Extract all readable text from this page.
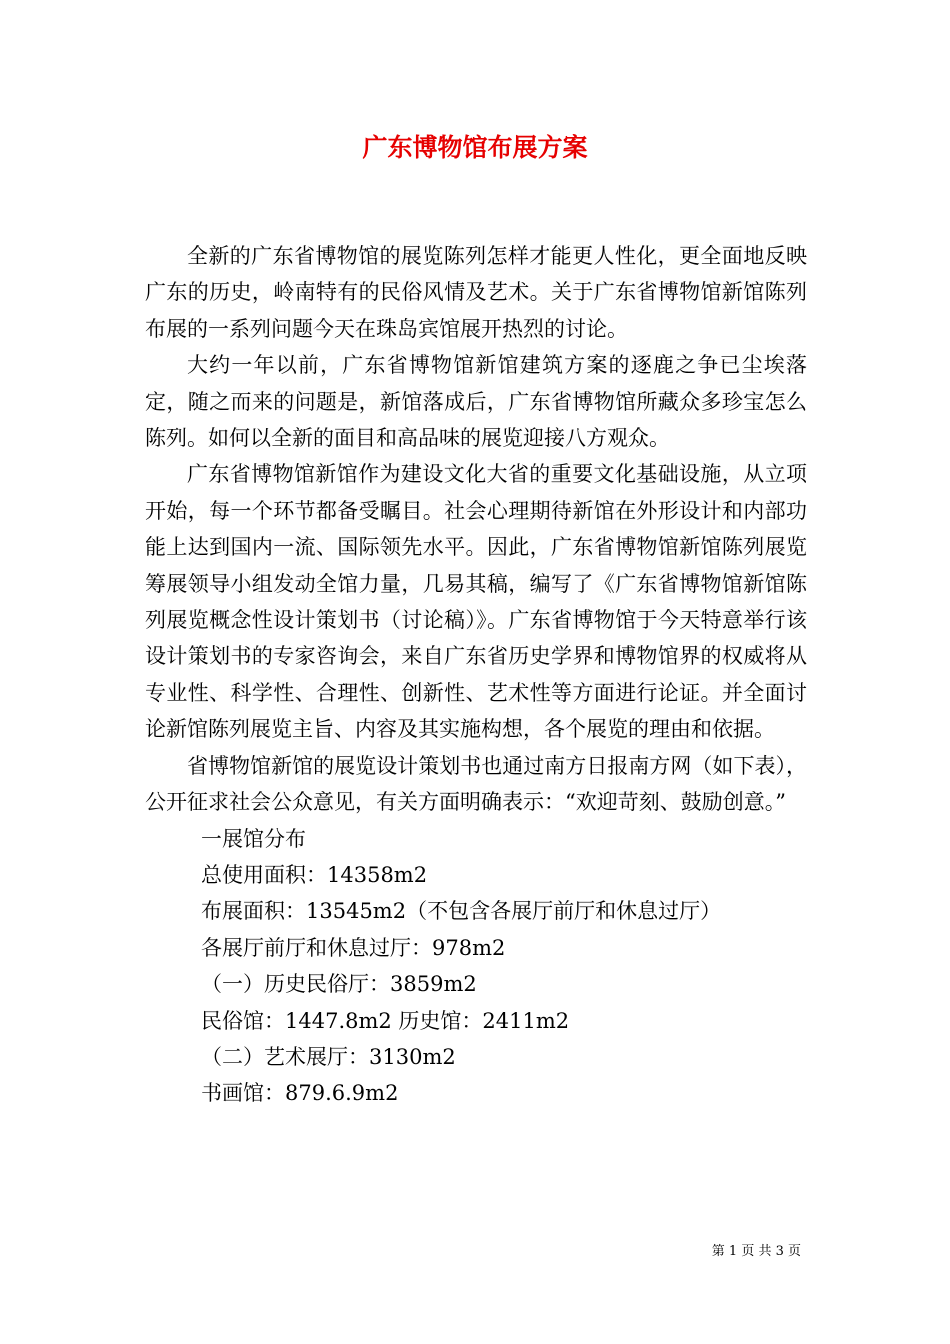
广东博物馆布展方案

全新的广东省博物馆的展览陈列怎样才能更人性化，更全面地反映广东的历史，岭南特有的民俗风情及艺术。关于广东省博物馆新馆陈列布展的一系列问题今天在珠岛宾馆展开热烈的讨论。

大约一年以前，广东省博物馆新馆建筑方案的逐鹿之争已尘埃落定，随之而来的问题是，新馆落成后，广东省博物馆所藏众多珍宝怎么陈列。如何以全新的面目和高品味的展览迎接八方观众。

广东省博物馆新馆作为建设文化大省的重要文化基础设施，从立项开始，每一个环节都备受瞩目。社会心理期待新馆在外形设计和内部功能上达到国内一流、国际领先水平。因此，广东省博物馆新馆陈列展览筹展领导小组发动全馆力量，几易其稿，编写了《广东省博物馆新馆陈列展览概念性设计策划书（讨论稿）》。广东省博物馆于今天特意举行该设计策划书的专家咨询会，来自广东省历史学界和博物馆界的权威将从专业性、科学性、合理性、创新性、艺术性等方面进行论证。并全面讨论新馆陈列展览主旨、内容及其实施构想，各个展览的理由和依据。

省博物馆新馆的展览设计策划书也通过南方日报南方网（如下表），公开征求社会公众意见，有关方面明确表示：“欢迎苛刻、鼓励创意。”

一展馆分布

总使用面积：14358m2

布展面积：13545m2（不包含各展厅前厅和休息过厅）

各展厅前厅和休息过厅：978m2

（一）历史民俗厅：3859m2

民俗馆：1447.8m2 历史馆：2411m2

（二）艺术展厅：3130m2

书画馆：879.6.9m2

第 1 页 共 3 页
